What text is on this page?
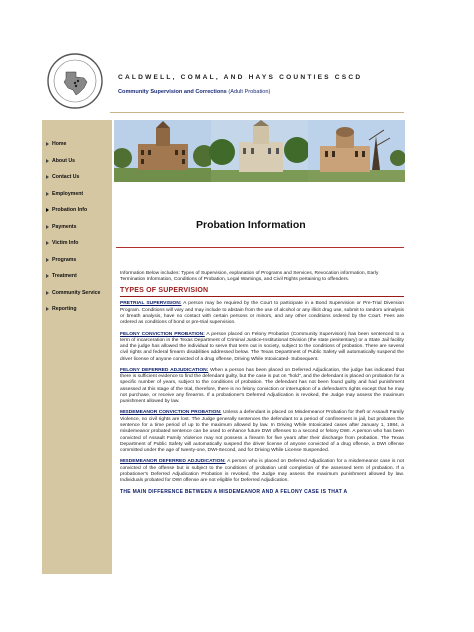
CALDWELL, COMAL, AND HAYS COUNTIES CSCD
Community Supervision and Corrections (Adult Probation)
Home
About Us
Contact Us
Employment
Probation Info
Payments
Victim Info
Programs
Treatment
Community Service
Reporting
Probation Information

Information Below includes: Types of Supervision, explanation of Programs and Services, Revocation information, Early Termination Information, Conditions of Probation, Legal Warnings, and Civil Rights pertaining to offenders.

TYPES OF SUPERVISION

PRETRIAL SUPERVISION: A person may be required by the Court to participate in a Bond Supervision or Pre-Trial Diversion Program. Conditions will vary and may include to abstain from the use of alcohol or any illicit drug use, submit to random urinalysis or breath analysis, have no contact with certain persons or minors, and any other conditions ordered by the Court. Fees are ordered as conditions of bond or pre-trial supervision.

FELONY CONVICTION PROBATION: A person placed on Felony Probation (Community Supervision) has been sentenced to a term of incarceration in the Texas Department of Criminal Justice-Institutional Division (the state penitentiary) or a State Jail facility and the judge has allowed the individual to serve that term out in society, subject to the conditions of probation. There are several civil rights and federal firearm disabilities addressed below. The Texas Department of Public Safety will automatically suspend the driver license of anyone convicted of a drug offense, Driving While Intoxicated- Subsequent.

FELONY DEFERRED ADJUDICATION: When a person has been placed on Deferred Adjudication, the judge has indicated that there is sufficient evidence to find the defendant guilty, but the case is put on "hold", and the defendant is placed on probation for a specific number of years, subject to the conditions of probation. The defendant has not been found guilty and had punishment assessed at this stage of the trial, therefore, there is no felony conviction or interruption of a defendant's rights except that he may not purchase, or receive any firearms. If a probationer's Deferred Adjudication is revoked, the Judge may assess the maximum punishment allowed by law.

MISDEMEANOR CONVICTION PROBATION: Unless a defendant is placed on Misdemeanor Probation for theft or Assault Family Violence, no civil rights are lost. The Judge generally sentences the defendant to a period of confinement in jail, but probates the sentence for a time period of up to the maximum allowed by law. In Driving While Intoxicated cases after January 1, 1984, a misdemeanor probated sentence can be used to enhance future DWI offenses to a second or felony DWI. A person who has been convicted of Assault Family Violence may not possess a firearm for five years after their discharge from probation. The Texas Department of Public Safety will automatically suspend the driver license of anyone convicted of a drug offense, a DWI offense committed under the age of twenty-one, DWI-Second, and for Driving While License Suspended.

MISDEMEANOR DEFERRED ADJUDICATION: A person who is placed on Deferred Adjudication for a misdemeanor case is not convicted of the offense but is subject to the conditions of probation until completion of the assessed term of probation. If a probationer's Deferred Adjudication Probation is revoked, the Judge may assess the maximum punishment allowed by law. Individuals probated for DWI offense are not eligible for Deferred Adjudication.

THE MAIN DIFFERENCE BETWEEN A MISDEMEANOR AND A FELONY CASE IS THAT A
